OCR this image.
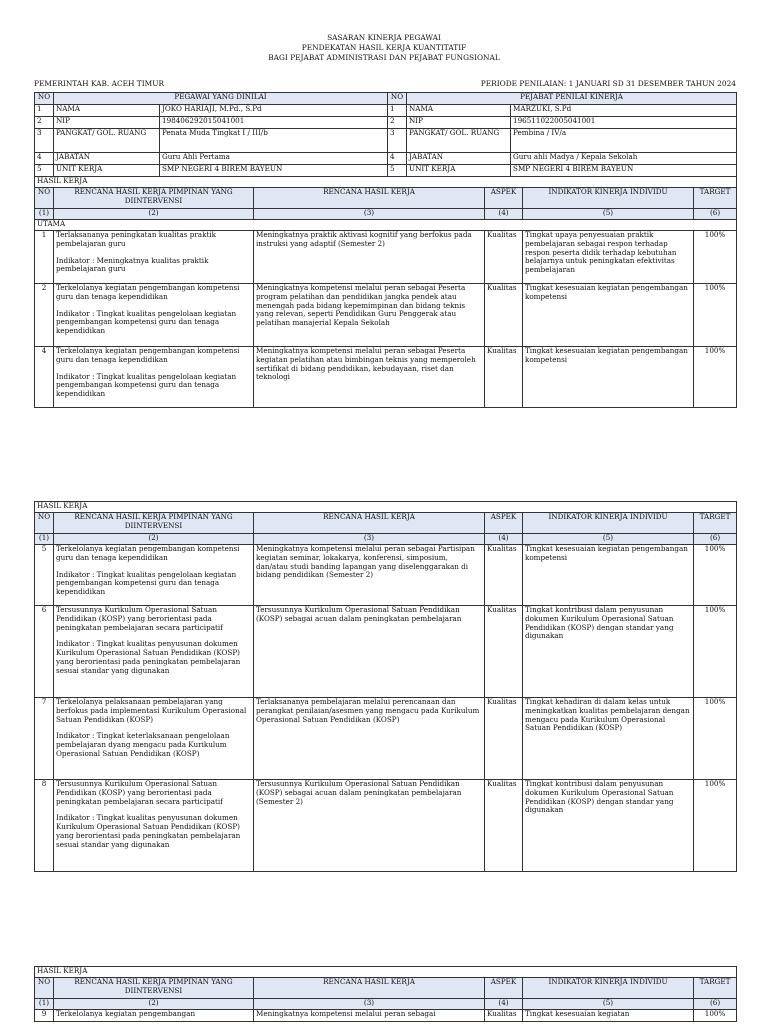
SASARAN KINERJA PEGAWAI
PENDEKATAN HASIL KERJA KUANTITATIF
BAGI PEJABAT ADMINISTRASI DAN PEJABAT FUNGSIONAL
PEMERINTAH KAB. ACEH TIMUR	PERIODE PENILAIAN: 1 JANUARI SD 31 DESEMBER TAHUN 2024
NO	PEGAWAI YANG DINILAI		NO	PEJABAT PENILAI KINERJA	
1	NAMA	JOKO HARIAJI, M.Pd., S.Pd	1	NAMA	MARZUKI, S.Pd
2	NIP	198406292015041001	2	NIP	196511022005041001
3	PANGKAT/ GOL. RUANG	Penata Muda Tingkat I / III/b	3	PANGKAT/ GOL. RUANG	Pembina / IV/a
4	JABATAN	Guru Ahli Pertama	4	JABATAN	Guru ahli Madya / Kepala Sekolah
5	UNIT KERJA	SMP NEGERI 4 BIREM BAYEUN	5	UNIT KERJA	SMP NEGERI 4 BIREM BAYEUN
HASIL KERJA					
NO	RENCANA HASIL KERJA PIMPINAN YANG DIINTERVENSI	RENCANA HASIL KERJA	ASPEK	INDIKATOR KINERJA INDIVIDU	TARGET
(1)	(2)	(3)	(4)	(5)	(6)
UTAMA					
1	Terlaksananya peningkatan kualitas praktik pembelajaran guru

Indikator : Meningkatnya kualitas praktik pembelajaran guru	Meningkatnya praktik aktivasi kognitif yang berfokus pada instruksi yang adaptif (Semester 2)	Kualitas	Tingkat upaya penyesuaian praktik pembelajaran sebagai respon terhadap respon peserta didik terhadap kebutuhan belajarnya untuk peningkatan efektivitas pembelajaran	100%
2	Terkelolanya kegiatan pengembangan kompetensi guru dan tenaga kependidikan

Indikator : Tingkat kualitas pengelolaan kegiatan pengembangan kompetensi guru dan tenaga kependidikan	Meningkatnya kompetensi melalui peran sebagai Peserta program pelatihan dan pendidikan jangka pendek atau menengah pada bidang kepemimpinan dan bidang teknis yang relevan, seperti Pendidikan Guru Penggerak atau pelatihan manajerial Kepala Sekolah	Kualitas	Tingkat kesesuaian kegiatan pengembangan kompetensi	100%
4	Terkelolanya kegiatan pengembangan kompetensi guru dan tenaga kependidikan

Indikator : Tingkat kualitas pengelolaan kegiatan pengembangan kompetensi guru dan tenaga kependidikan	Meningkatnya kompetensi melalui peran sebagai Peserta kegiatan pelatihan atau bimbingan teknis yang memperoleh sertifikat di bidang pendidikan, kebudayaan, riset dan teknologi	Kualitas	Tingkat kesesuaian kegiatan pengembangan kompetensi	100%
HASIL KERJA					
NO	RENCANA HASIL KERJA PIMPINAN YANG DIINTERVENSI	RENCANA HASIL KERJA	ASPEK	INDIKATOR KINERJA INDIVIDU	TARGET
(1)	(2)	(3)	(4)	(5)	(6)
5	Terkelolanya kegiatan pengembangan kompetensi guru dan tenaga kependidikan

Indikator : Tingkat kualitas pengelolaan kegiatan pengembangan kompetensi guru dan tenaga kependidikan	Meningkatnya kompetensi melalui peran sebagai Partisipan kegiatan seminar, lokakarya, konferensi, simposium, dan/atau studi banding lapangan yang diselenggarakan di bidang pendidikan (Semester 2)	Kualitas	Tingkat kesesuaian kegiatan pengembangan kompetensi	100%
6	Tersusunnya Kurikulum Operasional Satuan Pendidikan (KOSP) yang berorientasi pada peningkatan pembelajaran secara participatif

Indikator : Tingkat kualitas penyusunan dokumen Kurikulum Operasional Satuan Pendidikan (KOSP) yang berorientasi pada peningkatan pembelajaran sesuai standar yang digunakan	Tersusunnya Kurikulum Operasional Satuan Pendidikan (KOSP) sebagai acuan dalam peningkatan pembelajaran	Kualitas	Tingkat kontribusi dalam penyusunan dokumen Kurikulum Operasional Satuan Pendidikan (KOSP) dengan standar yang digunakan	100%
7	Terkelolanya pelaksanaan pembelajaran yang berfokus pada implementasi Kurikulum Operasional Satuan Pendidikan (KOSP)

Indikator : Tingkat keterlaksanaan pengelolaan pembelajaran dyang mengacu pada Kurikulum Operasional Satuan Pendidikan (KOSP)	Terlaksananya pembelajaran melalui perencanaan dan perangkat penilaian/asesmen yang mengacu pada Kurikulum Operasional Satuan Pendidikan (KOSP)	Kualitas	Tingkat kehadiran di dalam kelas untuk meningkatkan kualitas pembelajaran dengan mengacu pada Kurikulum Operasional Satuan Pendidikan (KOSP)	100%
8	Tersusunnya Kurikulum Operasional Satuan Pendidikan (KOSP) yang berorientasi pada peningkatan pembelajaran secara participatif

Indikator : Tingkat kualitas penyusunan dokumen Kurikulum Operasional Satuan Pendidikan (KOSP) yang berorientasi pada peningkatan pembelajaran sesuai standar yang digunakan	Tersusunnya Kurikulum Operasional Satuan Pendidikan (KOSP) sebagai acuan dalam peningkatan pembelajaran (Semester 2)	Kualitas	Tingkat kontribusi dalam penyusunan dokumen Kurikulum Operasional Satuan Pendidikan (KOSP) dengan standar yang digunakan	100%
HASIL KERJA					
NO	RENCANA HASIL KERJA PIMPINAN YANG DIINTERVENSI	RENCANA HASIL KERJA	ASPEK	INDIKATOR KINERJA INDIVIDU	TARGET
(1)	(2)	(3)	(4)	(5)	(6)
9	Terkelolanya kegiatan pengembangan	Meningkatnya kompetensi melalui peran sebagai	Kualitas	Tingkat kesesuaian kegiatan	100%
